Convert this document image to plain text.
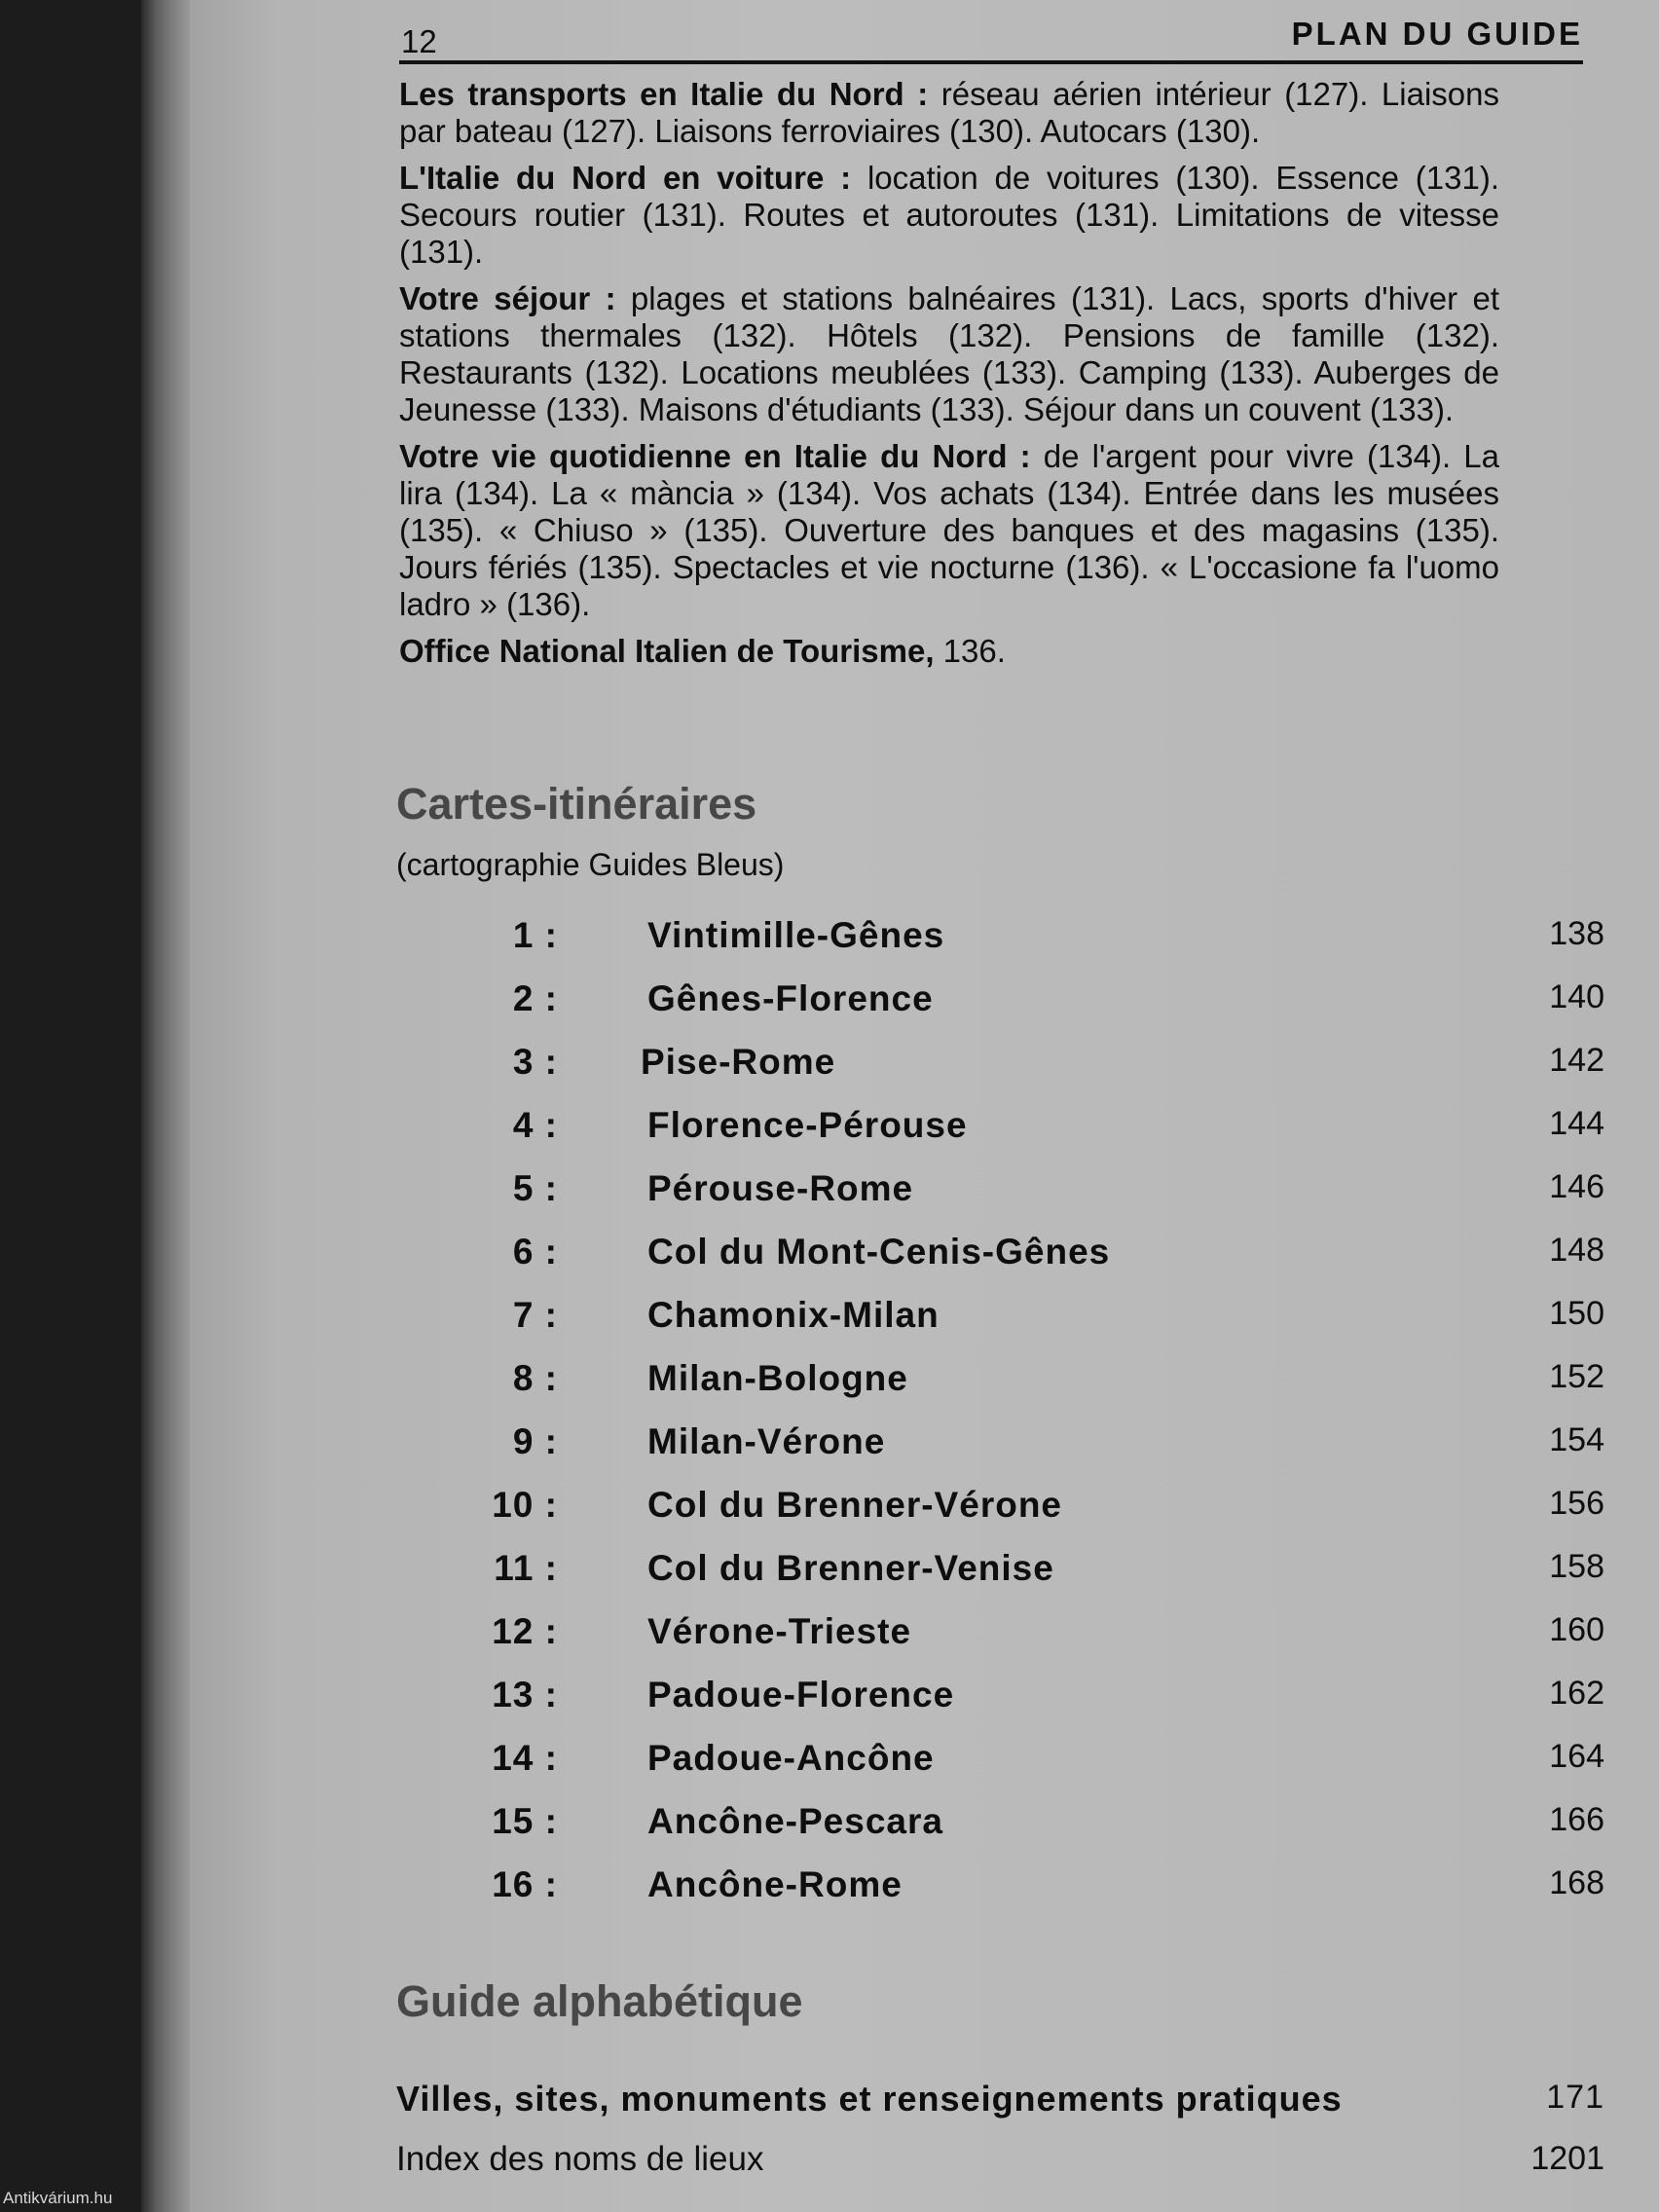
12	PLAN DU GUIDE

Les transports en Italie du Nord : réseau aérien intérieur (127). Liaisons par bateau (127). Liaisons ferroviaires (130). Autocars (130).

L'Italie du Nord en voiture : location de voitures (130). Essence (131). Secours routier (131). Routes et autoroutes (131). Limitations de vitesse (131).

Votre séjour : plages et stations balnéaires (131). Lacs, sports d'hiver et stations thermales (132). Hôtels (132). Pensions de famille (132). Restaurants (132). Locations meublées (133). Camping (133). Auberges de Jeunesse (133). Maisons d'étudiants (133). Séjour dans un couvent (133).

Votre vie quotidienne en Italie du Nord : de l'argent pour vivre (134). La lira (134). La « mància » (134). Vos achats (134). Entrée dans les musées (135). « Chiuso » (135). Ouverture des banques et des magasins (135). Jours fériés (135). Spectacles et vie nocturne (136). « L'occasione fa l'uomo ladro » (136).

Office National Italien de Tourisme, 136.

Cartes-itinéraires
(cartographie Guides Bleus)
1 : Vintimille-Gênes	138
2 : Gênes-Florence	140
3 : Pise-Rome	142
4 : Florence-Pérouse	144
5 : Pérouse-Rome	146
6 : Col du Mont-Cenis-Gênes	148
7 : Chamonix-Milan	150
8 : Milan-Bologne	152
9 : Milan-Vérone	154
10 : Col du Brenner-Vérone	156
11 : Col du Brenner-Venise	158
12 : Vérone-Trieste	160
13 : Padoue-Florence	162
14 : Padoue-Ancône	164
15 : Ancône-Pescara	166
16 : Ancône-Rome	168
Guide alphabétique
Villes, sites, monuments et renseignements pratiques	171
Index des noms de lieux	1201
Antikvárium.hu
